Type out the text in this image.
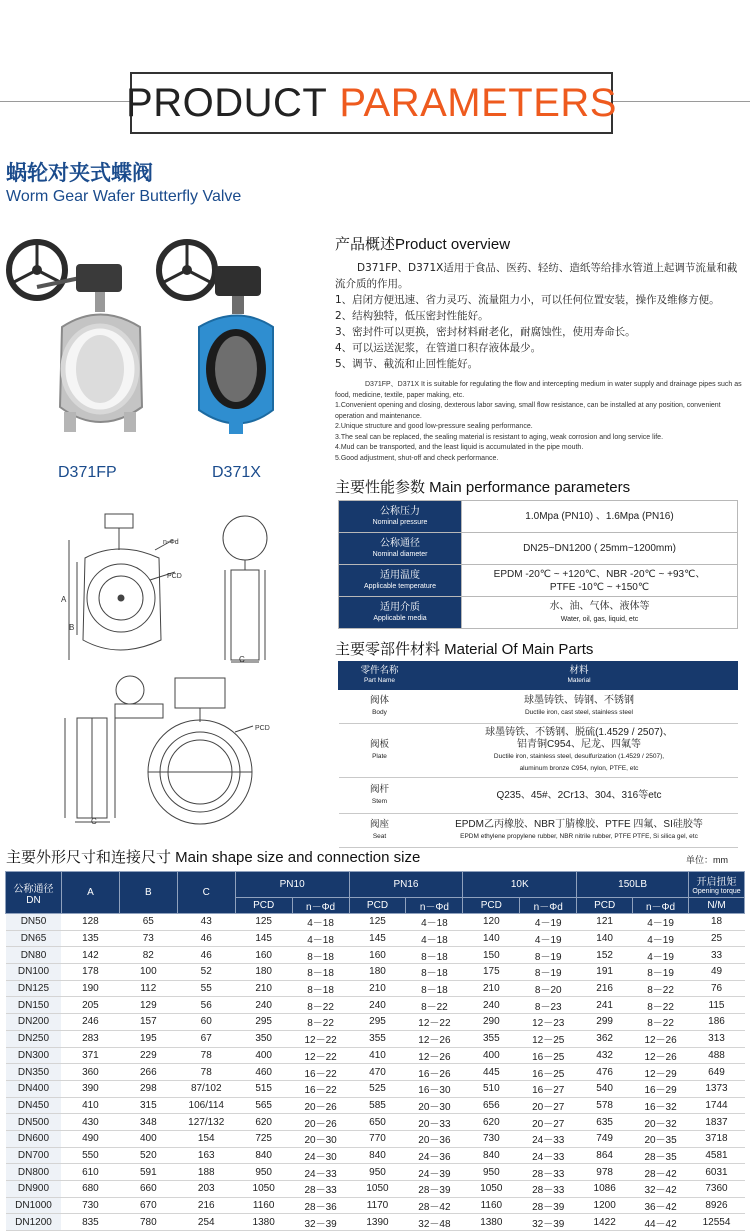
PRODUCT PARAMETERS
蜗轮对夹式蝶阀
Worm Gear Wafer Butterfly Valve
D371FP	D371X
A
B
C
PCD
n-Φd
C
PCD
产品概述Product overview

D371FP、D371X适用于食品、医药、轻纺、造纸等给排水管道上起调节流量和截流介质的作用。

1、启闭方便迅速、省力灵巧、流量阻力小，可以任何位置安装，操作及维修方便。

2、结构独特，低压密封性能好。

3、密封件可以更换，密封材料耐老化，耐腐蚀性，使用寿命长。

4、可以运送泥浆，在管道口积存液体最少。

5、调节、截流和止回性能好。

D371FP、D371X It is suitable for regulating the flow and intercepting medium in water supply and drainage pipes such as food, medicine, textile, paper making, etc.

1.Convenient opening and closing, dexterous labor saving, small flow resistance, can be installed at any position, convenient operation and maintenance.

2.Unique structure and good low-pressure sealing performance.

3.The seal can be replaced, the sealing material is resistant to aging, weak corrosion and long service life.

4.Mud can be transported, and the least liquid is accumulated in the pipe mouth.

5.Good adjustment, shut-off and check performance.

主要性能参数 Main performance parameters
公称压力
Nominal pressure	1.0Mpa (PN10) 、1.6Mpa (PN16)
公称通径
Nominal diameter	DN25~DN1200 ( 25mm~1200mm)
适用温度
Applicable temperature	EPDM -20℃ ~ +120℃、NBR -20℃ ~ +93℃、
PTFE -10℃ ~ +150℃
适用介质
Applicable media	水、油、气体、液体等
Water, oil, gas, liquid, etc
主要零部件材料 Material Of Main Parts
零件名称
Part Name	材料
Material

阀体
Body	球墨铸铁、铸钢、不锈钢
Ductile iron, cast steel, stainless steel

阀板
Plate	球墨铸铁、不锈钢、脱硫(1.4529 / 2507)、
铝青铜C954、尼龙、四氟等
Ductile iron, stainless steel, desulfurization (1.4529 / 2507),
aluminum bronze C954, nylon, PTFE, etc

阀杆
Stem	Q235、45#、2Cr13、304、316等etc
阀座
Seat	EPDM乙丙橡胶、NBR丁腈橡胶、PTFE 四氟、SI硅胶等
EPDM ethylene propylene rubber, NBR nitrile rubber, PTFE PTFE, Si silica gel, etc
主要外形尺寸和连接尺寸 Main shape size and connection size	单位：mm
公称通径
DN	A	B	C	PN10		PN16		10K		150LB		开启扭矩
Opening torque

				PCD	n－Φd	PCD	n－Φd	PCD	n－Φd	PCD	n－Φd	N/M
DN50	128	65	43	125	4－18	125	4－18	120	4－19	121	4－19	18
DN65	135	73	46	145	4－18	145	4－18	140	4－19	140	4－19	25
DN80	142	82	46	160	8－18	160	8－18	150	8－19	152	4－19	33
DN100	178	100	52	180	8－18	180	8－18	175	8－19	191	8－19	49
DN125	190	112	55	210	8－18	210	8－18	210	8－20	216	8－22	76
DN150	205	129	56	240	8－22	240	8－22	240	8－23	241	8－22	115
DN200	246	157	60	295	8－22	295	12－22	290	12－23	299	8－22	186
DN250	283	195	67	350	12－22	355	12－26	355	12－25	362	12－26	313
DN300	371	229	78	400	12－22	410	12－26	400	16－25	432	12－26	488
DN350	360	266	78	460	16－22	470	16－26	445	16－25	476	12－29	649
DN400	390	298	87/102	515	16－22	525	16－30	510	16－27	540	16－29	1373
DN450	410	315	106/114	565	20－26	585	20－30	656	20－27	578	16－32	1744
DN500	430	348	127/132	620	20－26	650	20－33	620	20－27	635	20－32	1837
DN600	490	400	154	725	20－30	770	20－36	730	24－33	749	20－35	3718
DN700	550	520	163	840	24－30	840	24－36	840	24－33	864	28－35	4581
DN800	610	591	188	950	24－33	950	24－39	950	28－33	978	28－42	6031
DN900	680	660	203	1050	28－33	1050	28－39	1050	28－33	1086	32－42	7360
DN1000	730	670	216	1160	28－36	1170	28－42	1160	28－39	1200	36－42	8926
DN1200	835	780	254	1380	32－39	1390	32－48	1380	32－39	1422	44－42	12554
